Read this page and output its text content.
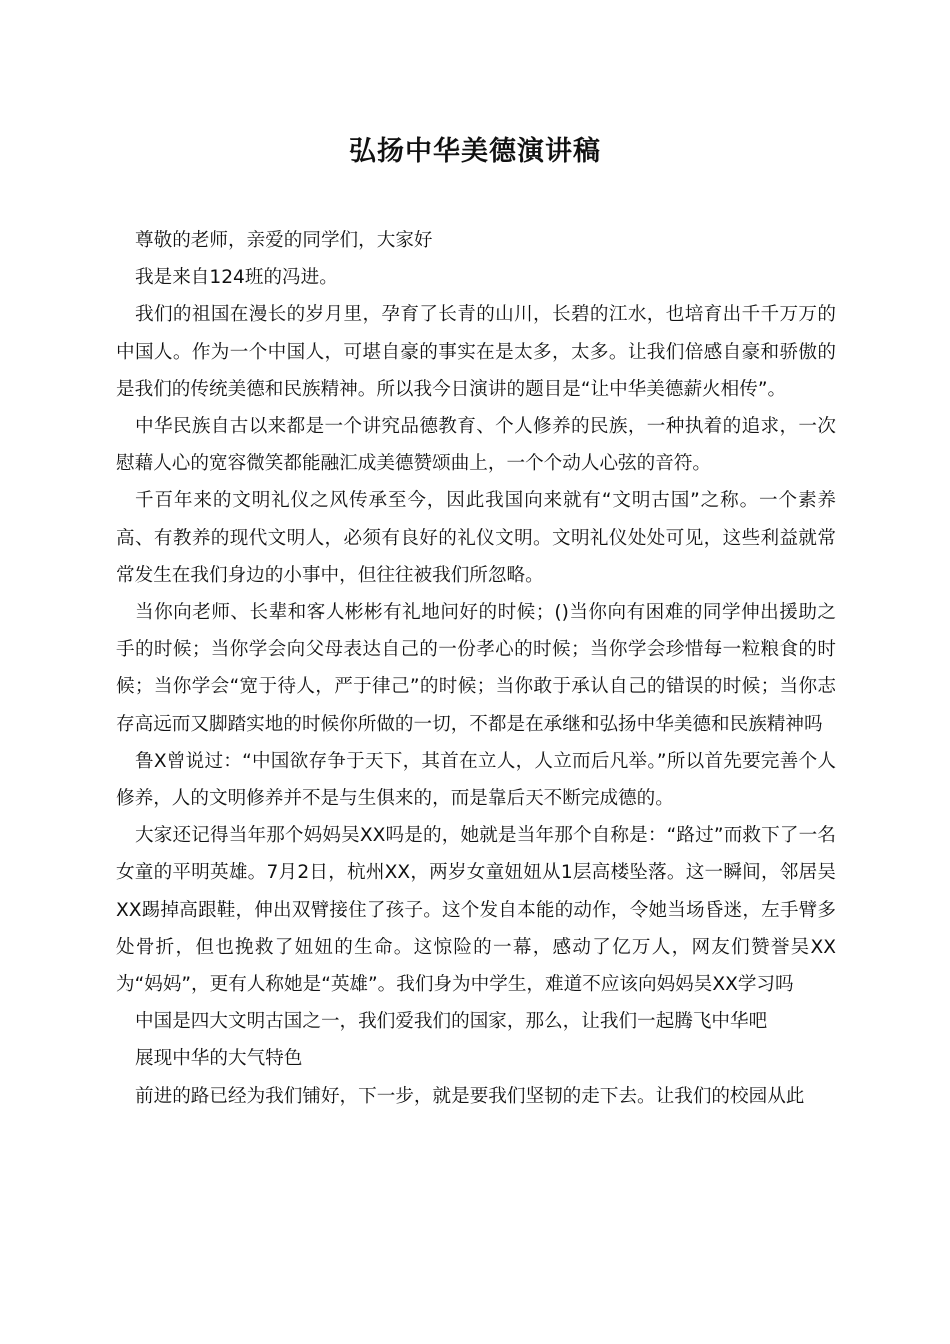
弘扬中华美德演讲稿

尊敬的老师，亲爱的同学们，大家好

我是来自124班的冯进。

我们的祖国在漫长的岁月里，孕育了长青的山川，长碧的江水，也培育出千千万万的中国人。作为一个中国人，可堪自豪的事实在是太多，太多。让我们倍感自豪和骄傲的是我们的传统美德和民族精神。所以我今日演讲的题目是“让中华美德薪火相传”。

中华民族自古以来都是一个讲究品德教育、个人修养的民族，一种执着的追求，一次慰藉人心的宽容微笑都能融汇成美德赞颂曲上，一个个动人心弦的音符。

千百年来的文明礼仪之风传承至今，因此我国向来就有“文明古国”之称。一个素养高、有教养的现代文明人，必须有良好的礼仪文明。文明礼仪处处可见，这些利益就常常发生在我们身边的小事中，但往往被我们所忽略。

当你向老师、长辈和客人彬彬有礼地问好的时候；()当你向有困难的同学伸出援助之手的时候；当你学会向父母表达自己的一份孝心的时候；当你学会珍惜每一粒粮食的时候；当你学会“宽于待人，严于律己”的时候；当你敢于承认自己的错误的时候；当你志存高远而又脚踏实地的时候你所做的一切，不都是在承继和弘扬中华美德和民族精神吗

鲁X曾说过：“中国欲存争于天下，其首在立人，人立而后凡举。”所以首先要完善个人修养，人的文明修养并不是与生俱来的，而是靠后天不断完成德的。

大家还记得当年那个妈妈吴XX吗是的，她就是当年那个自称是：“路过”而救下了一名女童的平明英雄。7月2日，杭州XX，两岁女童妞妞从1层高楼坠落。这一瞬间，邻居吴XX踢掉高跟鞋，伸出双臂接住了孩子。这个发自本能的动作，令她当场昏迷，左手臂多处骨折，但也挽救了妞妞的生命。这惊险的一幕，感动了亿万人，网友们赞誉吴XX为“妈妈”，更有人称她是“英雄”。我们身为中学生，难道不应该向妈妈吴XX学习吗

中国是四大文明古国之一，我们爱我们的国家，那么，让我们一起腾飞中华吧

展现中华的大气特色

前进的路已经为我们铺好，下一步，就是要我们坚韧的走下去。让我们的校园从此
